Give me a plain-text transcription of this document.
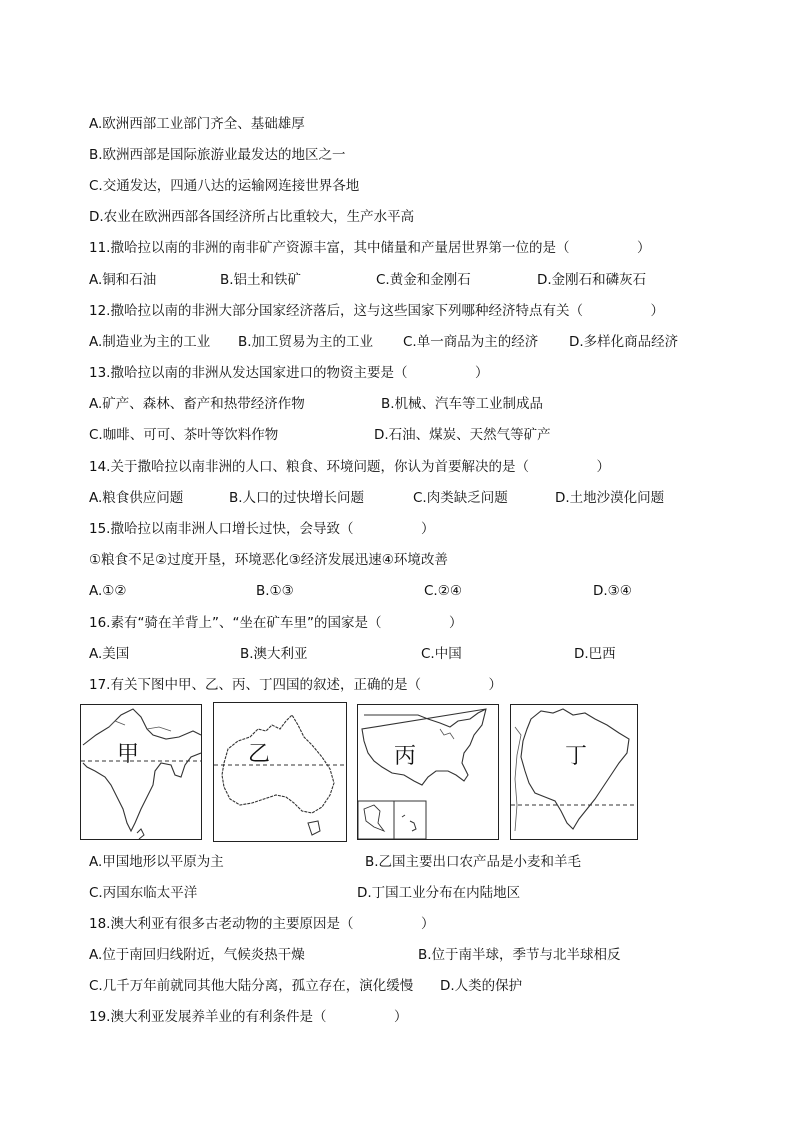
A.欧洲西部工业部门齐全、基础雄厚
B.欧洲西部是国际旅游业最发达的地区之一
C.交通发达，四通八达的运输网连接世界各地
D.农业在欧洲西部各国经济所占比重较大，生产水平高
11.撒哈拉以南的非洲的南非矿产资源丰富，其中储量和产量居世界第一位的是（　　　　　）
A.铜和石油	B.铝土和铁矿	C.黄金和金刚石	D.金刚石和磷灰石
12.撒哈拉以南的非洲大部分国家经济落后，这与这些国家下列哪种经济特点有关（　　　　　）
A.制造业为主的工业 B.加工贸易为主的工业 C.单一商品为主的经济 D.多样化商品经济
13.撒哈拉以南的非洲从发达国家进口的物资主要是（　　　　　）
A.矿产、森林、畜产和热带经济作物	B.机械、汽车等工业制成品
C.咖啡、可可、茶叶等饮料作物	D.石油、煤炭、天然气等矿产
14.关于撒哈拉以南非洲的人口、粮食、环境问题，你认为首要解决的是（　　　　　）
A.粮食供应问题	B.人口的过快增长问题	C.肉类缺乏问题	D.土地沙漠化问题
15.撒哈拉以南非洲人口增长过快，会导致（　　　　　）
①粮食不足②过度开垦，环境恶化③经济发展迅速④环境改善
A.①②	B.①③	C.②④	D.③④
16.素有“骑在羊背上”、“坐在矿车里”的国家是（　　　　　）
A.美国	B.澳大利亚	C.中国	D.巴西
17.有关下图中甲、乙、丙、丁四国的叙述，正确的是（　　　　　）
甲	乙	丙	丁
A.甲国地形以平原为主	B.乙国主要出口农产品是小麦和羊毛
C.丙国东临太平洋	D.丁国工业分布在内陆地区
18.澳大利亚有很多古老动物的主要原因是（　　　　　）
A.位于南回归线附近，气候炎热干燥	B.位于南半球，季节与北半球相反
C.几千万年前就同其他大陆分离，孤立存在，演化缓慢 D.人类的保护
19.澳大利亚发展养羊业的有利条件是（　　　　　）
